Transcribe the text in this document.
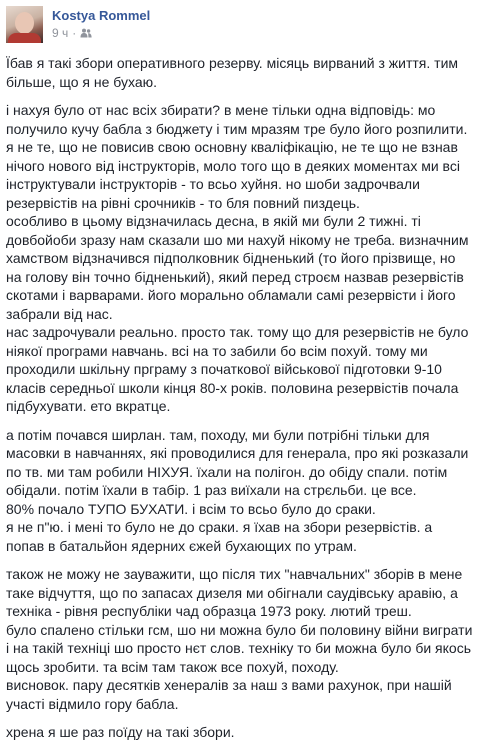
Kostya Rommel
9 ч ·

Їбав я такі збори оперативного резерву. місяць вирваний з життя. тим
більше, що я не бухаю.

і нахуя було от нас всіх збирати? в мене тільки одна відповідь: мо
получило кучу бабла з бюджету і тим мразям тре було його розпилити.
я не те, що не повисив свою основну кваліфікацію, не те що не взнав
нічого нового від інструкторів, моло того що в деяких моментах ми всі
інструктували інструкторів - то всьо хуйня. но шоби задрочвали
резервістів на рівні срочників - то бля повний пиздець.
особливо в цьому відзначилась десна, в якій ми були 2 тижні. ті
довбойоби зразу нам сказали шо ми нахуй нікому не треба. визначним
хамством відзначився підполковник бідненький (то його прізвище, но
на голову він точно бідненький), який перед строєм назвав резервістів
скотами і варварами. його морально обламали самі резервісти і його
забрали від нас.
нас задрочували реально. просто так. тому що для резервістів не було
ніякої програми навчань. всі на то забили бо всім похуй. тому ми
проходили шкільну прграму з початкової військової підготовки 9-10
класів середньої школи кінця 80-х років. половина резервістів почала
підбухувати. ето вкратце.

а потім почався ширлан. там, походу, ми були потрібні тільки для
масовки в навчаннях, які проводилися для генерала, про які розказали
по тв. ми там робили НІХУЯ. їхали на полігон. до обіду спали. потім
обідали. потім їхали в табір. 1 раз виїхали на стрєльби. це все.
80% почало ТУПО БУХАТИ. і всім то всьо було до сраки.
я не п"ю. і мені то було не до сраки. я їхав на збори резервістів. а
попав в батальйон ядерних єжей бухающих по утрам.

також не можу не зауважити, що після тих "навчальних" зборів в мене
таке відчуття, що по запасах дизеля ми обігнали саудівську аравію, а
техніка - рівня республіки чад образца 1973 року. лютий треш.
було спалено стільки гсм, шо ни можна було би половину війни виграти
і на такій техніці шо просто нєт слов. техніку то би можна було би якось
щось зробити. та всім там також все похуй, походу.
висновок. пару десятків хенералів за наш з вами рахунок, при нашій
участі відмило гору бабла.

хрена я ше раз поїду на такі збори.
